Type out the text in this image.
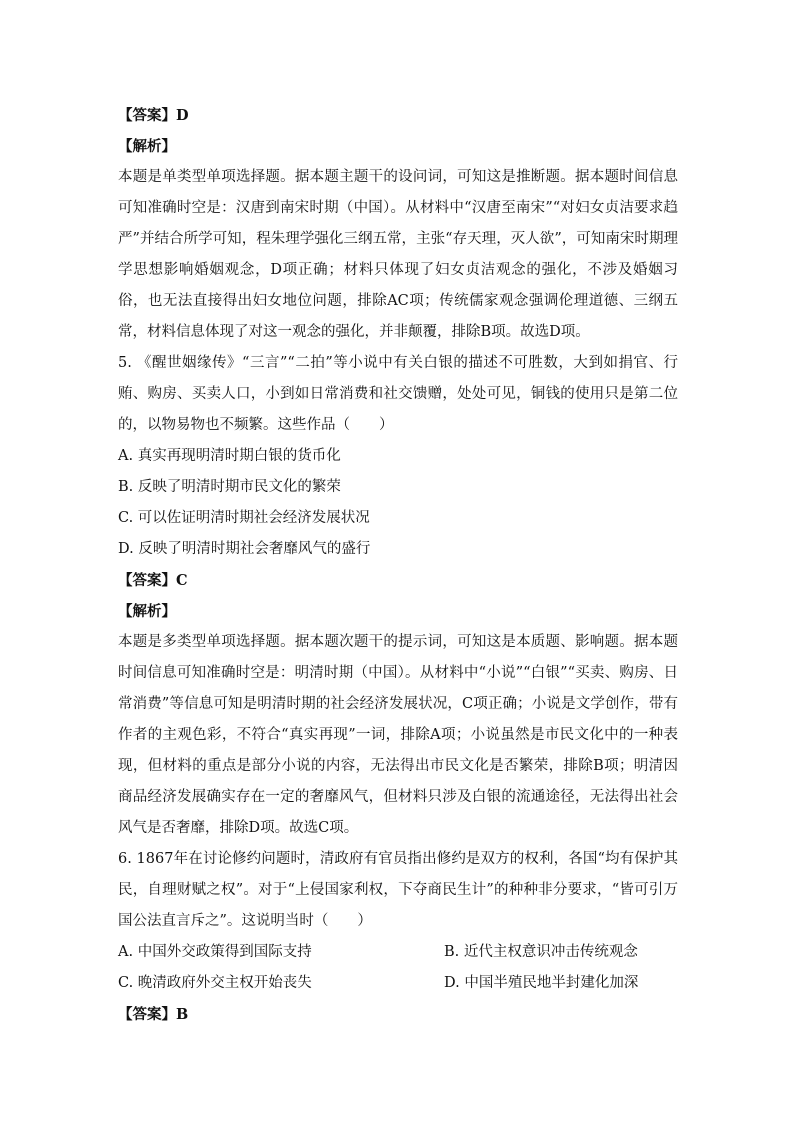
【答案】D
【解析】
本题是单类型单项选择题。据本题主题干的设问词，可知这是推断题。据本题时间信息可知准确时空是：汉唐到南宋时期（中国）。从材料中“汉唐至南宋”“对妇女贞洁要求趋严”并结合所学可知，程朱理学强化三纲五常，主张“存天理，灭人欲”，可知南宋时期理学思想影响婚姻观念，D项正确；材料只体现了妇女贞洁观念的强化，不涉及婚姻习俗，也无法直接得出妇女地位问题，排除AC项；传统儒家观念强调伦理道德、三纲五常，材料信息体现了对这一观念的强化，并非颠覆，排除B项。故选D项。
5. 《醒世姻缘传》“三言”“二拍”等小说中有关白银的描述不可胜数，大到如捐官、行贿、购房、买卖人口，小到如日常消费和社交馈赠，处处可见，铜钱的使用只是第二位的，以物易物也不频繁。这些作品（　　）
A. 真实再现明清时期白银的货币化
B. 反映了明清时期市民文化的繁荣
C. 可以佐证明清时期社会经济发展状况
D. 反映了明清时期社会奢靡风气的盛行
【答案】C
【解析】
本题是多类型单项选择题。据本题次题干的提示词，可知这是本质题、影响题。据本题时间信息可知准确时空是：明清时期（中国）。从材料中“小说”“白银”“买卖、购房、日常消费”等信息可知是明清时期的社会经济发展状况，C项正确；小说是文学创作，带有作者的主观色彩，不符合“真实再现”一词，排除A项；小说虽然是市民文化中的一种表现，但材料的重点是部分小说的内容，无法得出市民文化是否繁荣，排除B项；明清因商品经济发展确实存在一定的奢靡风气，但材料只涉及白银的流通途径，无法得出社会风气是否奢靡，排除D项。故选C项。
6. 1867年在讨论修约问题时，清政府有官员指出修约是双方的权利，各国“均有保护其民，自理财赋之权”。对于“上侵国家利权，下夺商民生计”的种种非分要求，“皆可引万国公法直言斥之”。这说明当时（　　）
A. 中国外交政策得到国际支持	B. 近代主权意识冲击传统观念
C. 晚清政府外交主权开始丧失	D. 中国半殖民地半封建化加深
【答案】B
